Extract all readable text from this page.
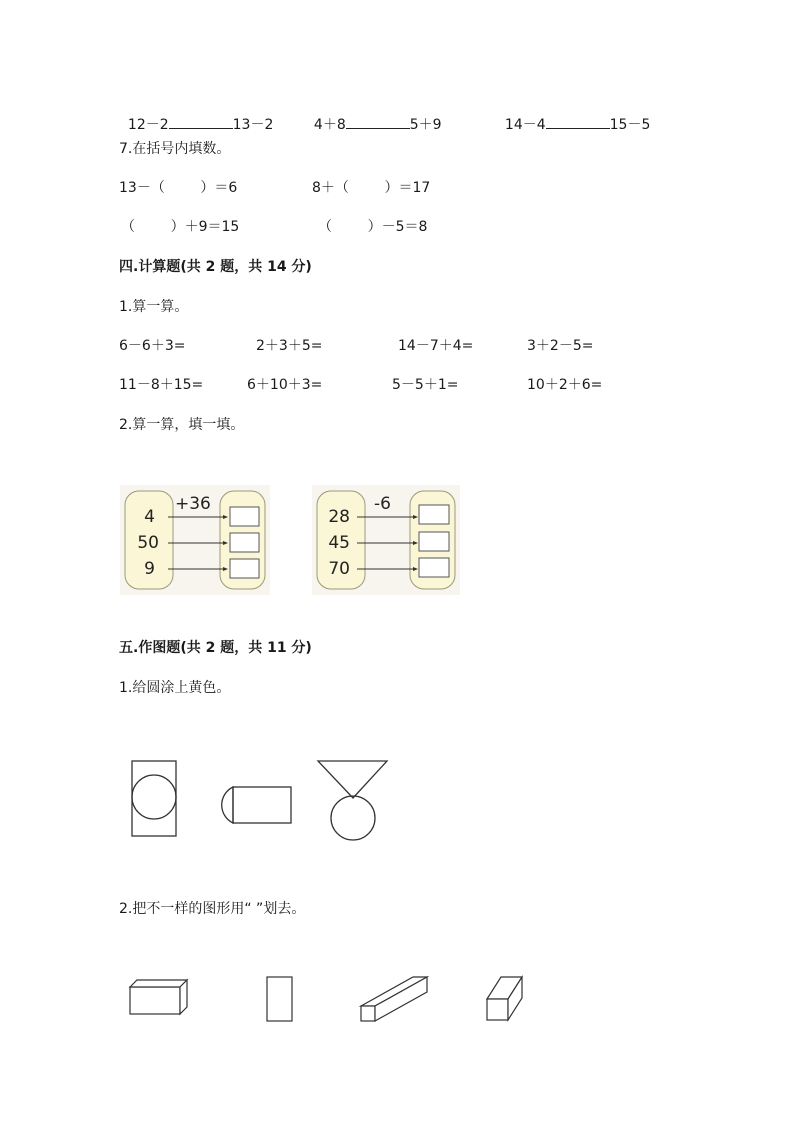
12－2	13－2	4＋8	5＋9	14－4	15－5

7.在括号内填数。
13－（        ）＝6	8＋（        ）＝17
（        ）＋9＝15	（        ）－5＝8
四.计算题(共 2 题，共 14 分)
1.算一算。
6－6＋3=	2＋3＋5=	14－7＋4=	3＋2－5=
11－8＋15=	6＋10＋3=	5－5＋1=	10＋2＋6=
2.算一算，填一填。
+36
4
50
9
-6
28
45
70
五.作图题(共 2 题，共 11 分)
1.给圆涂上黄色。
2.把不一样的图形用“ ”划去。
